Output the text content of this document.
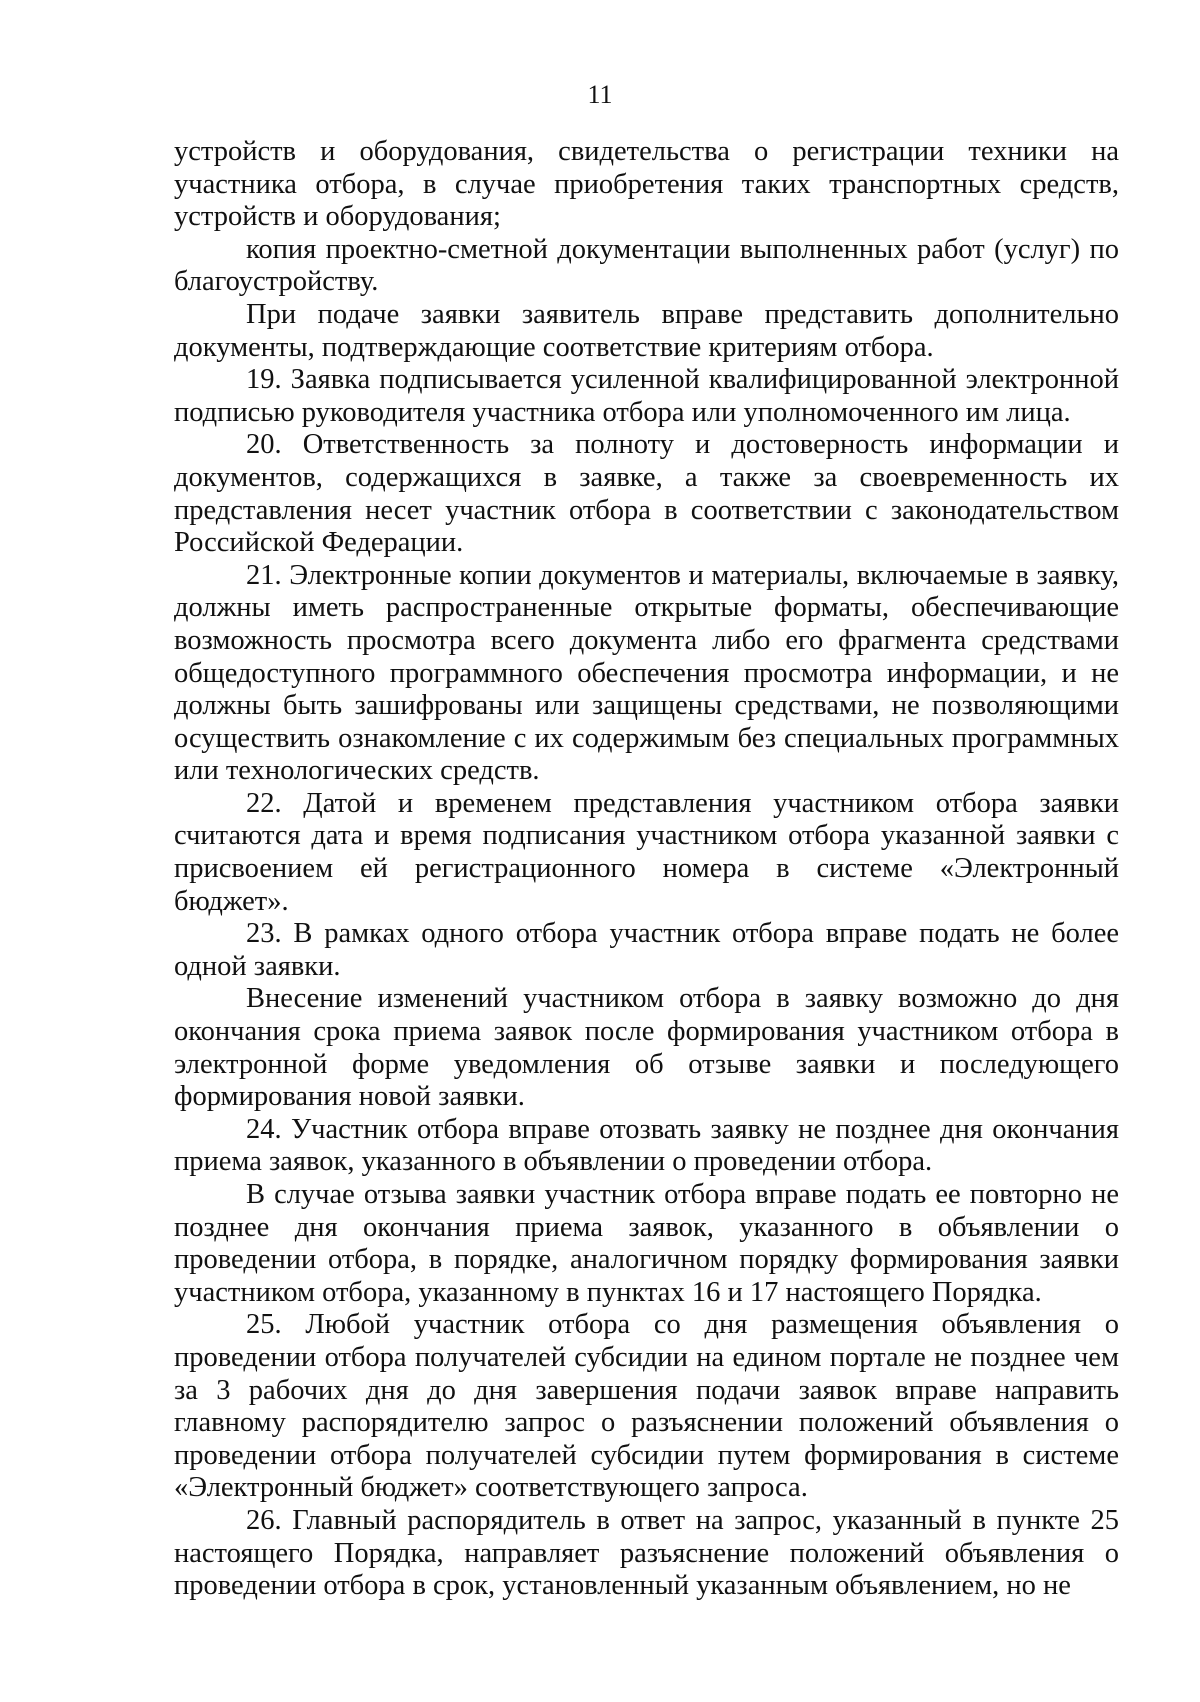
11

устройств и оборудования, свидетельства о регистрации техники на участника отбора, в случае приобретения таких транспортных средств, устройств и оборудования;

копия проектно-сметной документации выполненных работ (услуг) по благоустройству.

При подаче заявки заявитель вправе представить дополнительно документы, подтверждающие соответствие критериям отбора.

19. Заявка подписывается усиленной квалифицированной электронной подписью руководителя участника отбора или уполномоченного им лица.

20. Ответственность за полноту и достоверность информации и документов, содержащихся в заявке, а также за своевременность их представления несет участник отбора в соответствии с законодательством Российской Федерации.

21. Электронные копии документов и материалы, включаемые в заявку, должны иметь распространенные открытые форматы, обеспечивающие возможность просмотра всего документа либо его фрагмента средствами общедоступного программного обеспечения просмотра информации, и не должны быть зашифрованы или защищены средствами, не позволяющими осуществить ознакомление с их содержимым без специальных программных или технологических средств.

22. Датой и временем представления участником отбора заявки считаются дата и время подписания участником отбора указанной заявки с присвоением ей регистрационного номера в системе «Электронный бюджет».

23. В рамках одного отбора участник отбора вправе подать не более одной заявки.

Внесение изменений участником отбора в заявку возможно до дня окончания срока приема заявок после формирования участником отбора в электронной форме уведомления об отзыве заявки и последующего формирования новой заявки.

24. Участник отбора вправе отозвать заявку не позднее дня окончания приема заявок, указанного в объявлении о проведении отбора.

В случае отзыва заявки участник отбора вправе подать ее повторно не позднее дня окончания приема заявок, указанного в объявлении о проведении отбора, в порядке, аналогичном порядку формирования заявки участником отбора, указанному в пунктах 16 и 17 настоящего Порядка.

25. Любой участник отбора со дня размещения объявления о проведении отбора получателей субсидии на едином портале не позднее чем за 3 рабочих дня до дня завершения подачи заявок вправе направить главному распорядителю запрос о разъяснении положений объявления о проведении отбора получателей субсидии путем формирования в системе «Электронный бюджет» соответствующего запроса.

26. Главный распорядитель в ответ на запрос, указанный в пункте 25 настоящего Порядка, направляет разъяснение положений объявления о проведении отбора в срок, установленный указанным объявлением, но не
